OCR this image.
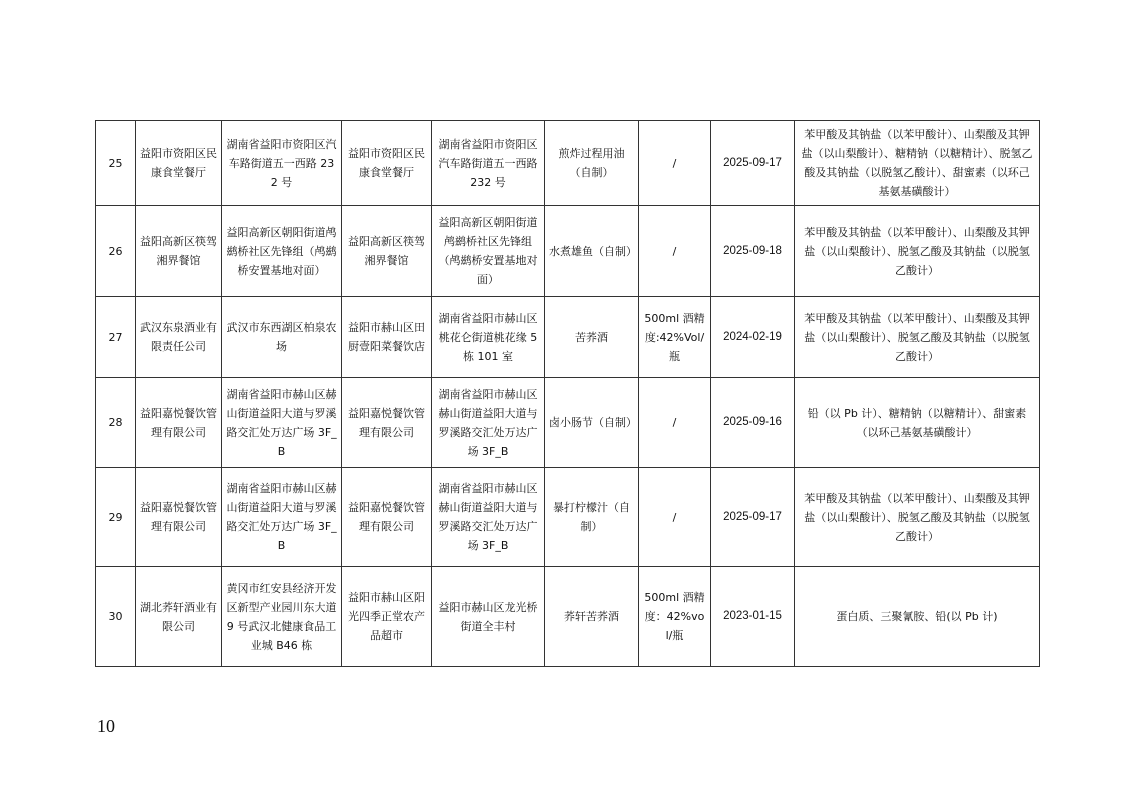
25	益阳市资阳区民康食堂餐厅	湖南省益阳市资阳区汽车路街道五一西路 232 号	益阳市资阳区民康食堂餐厅	湖南省益阳市资阳区汽车路街道五一西路 232 号	煎炸过程用油（自制）	/	2025-09-17	苯甲酸及其钠盐（以苯甲酸计）、山梨酸及其钾盐（以山梨酸计）、糖精钠（以糖精计）、脱氢乙酸及其钠盐（以脱氢乙酸计）、甜蜜素（以环己基氨基磺酸计）
26	益阳高新区筷驾湘界餐馆	益阳高新区朝阳街道鸬鹚桥社区先锋组（鸬鹚桥安置基地对面）	益阳高新区筷驾湘界餐馆	益阳高新区朝阳街道鸬鹚桥社区先锋组（鸬鹚桥安置基地对面）	水煮雄鱼（自制）	/	2025-09-18	苯甲酸及其钠盐（以苯甲酸计）、山梨酸及其钾盐（以山梨酸计）、脱氢乙酸及其钠盐（以脱氢乙酸计）
27	武汉东泉酒业有限责任公司	武汉市东西湖区柏泉农场	益阳市赫山区田厨壹阳菜餐饮店	湖南省益阳市赫山区桃花仑街道桃花缘 5 栋 101 室	苦荞酒	500ml 酒精度:42%Vol/瓶	2024-02-19	苯甲酸及其钠盐（以苯甲酸计）、山梨酸及其钾盐（以山梨酸计）、脱氢乙酸及其钠盐（以脱氢乙酸计）
28	益阳嘉悦餐饮管理有限公司	湖南省益阳市赫山区赫山街道益阳大道与罗溪路交汇处万达广场 3F_B	益阳嘉悦餐饮管理有限公司	湖南省益阳市赫山区赫山街道益阳大道与罗溪路交汇处万达广场 3F_B	卤小肠节（自制）	/	2025-09-16	铅（以 Pb 计）、糖精钠（以糖精计）、甜蜜素（以环己基氨基磺酸计）
29	益阳嘉悦餐饮管理有限公司	湖南省益阳市赫山区赫山街道益阳大道与罗溪路交汇处万达广场 3F_B	益阳嘉悦餐饮管理有限公司	湖南省益阳市赫山区赫山街道益阳大道与罗溪路交汇处万达广场 3F_B	暴打柠檬汁（自制）	/	2025-09-17	苯甲酸及其钠盐（以苯甲酸计）、山梨酸及其钾盐（以山梨酸计）、脱氢乙酸及其钠盐（以脱氢乙酸计）
30	湖北荞轩酒业有限公司	黄冈市红安县经济开发区新型产业园川东大道 9 号武汉北健康食品工业城 B46 栋	益阳市赫山区阳光四季正堂农产品超市	益阳市赫山区龙光桥街道全丰村	荞轩苦荞酒	500ml 酒精度：42%vol/瓶	2023-01-15	蛋白质、三聚氰胺、铅(以 Pb 计)
10
